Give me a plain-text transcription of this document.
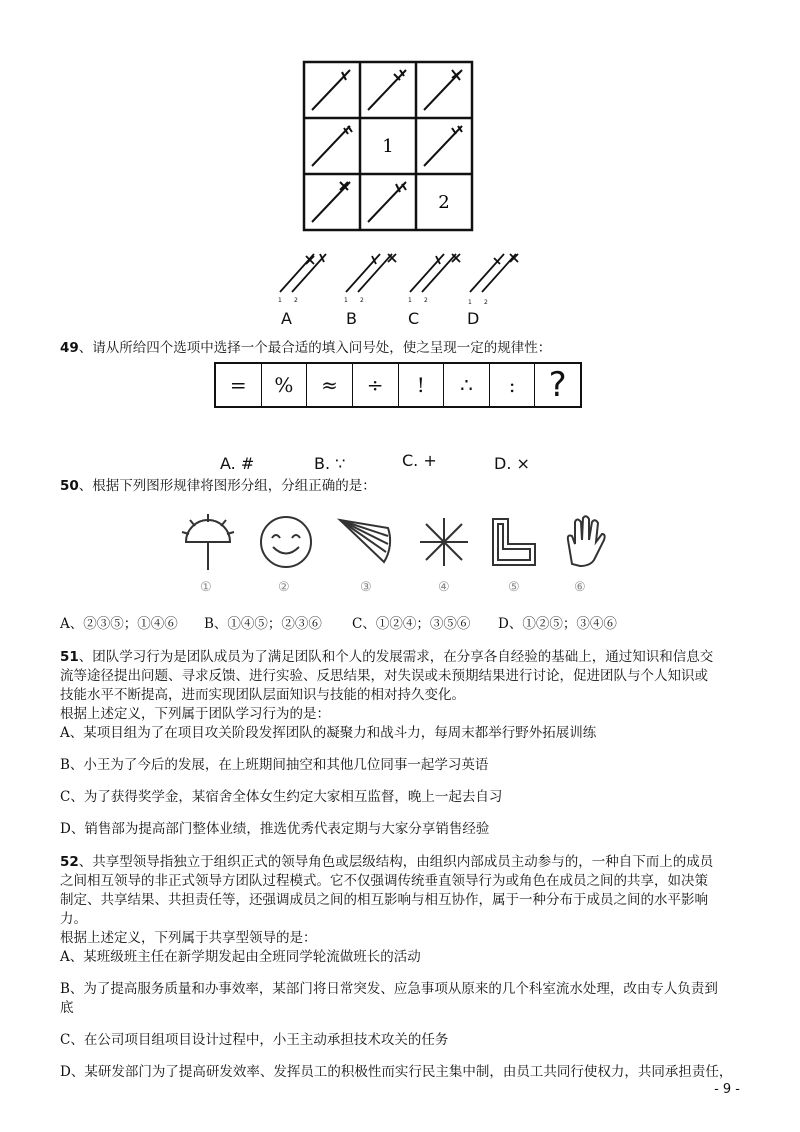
1
2
1 2	1 2	1 2	1 2
A	B	C	D
49、请从所给四个选项中选择一个最合适的填入问号处，使之呈现一定的规律性：
=	%	≈	÷	!	∴	: ?
A. #	B. ∵	C. +	D. ×
50、根据下列图形规律将图形分组，分组正确的是：
①	②	③	④	⑤	⑥
A、②③⑤；①④⑥ B、①④⑤；②③⑥ C、①②④；③⑤⑥ D、①②⑤；③④⑥
51、团队学习行为是团队成员为了满足团队和个人的发展需求，在分享各自经验的基础上，通过知识和信息交
流等途径提出问题、寻求反馈、进行实验、反思结果，对失误或未预期结果进行讨论，促进团队与个人知识或
技能水平不断提高，进而实现团队层面知识与技能的相对持久变化。
根据上述定义，下列属于团队学习行为的是：
A、某项目组为了在项目攻关阶段发挥团队的凝聚力和战斗力，每周末都举行野外拓展训练
B、小王为了今后的发展，在上班期间抽空和其他几位同事一起学习英语
C、为了获得奖学金，某宿舍全体女生约定大家相互监督，晚上一起去自习
D、销售部为提高部门整体业绩，推选优秀代表定期与大家分享销售经验
52、共享型领导指独立于组织正式的领导角色或层级结构，由组织内部成员主动参与的，一种自下而上的成员
之间相互领导的非正式领导方团队过程模式。它不仅强调传统垂直领导行为或角色在成员之间的共享，如决策
制定、共享结果、共担责任等，还强调成员之间的相互影响与相互协作，属于一种分布于成员之间的水平影响
力。
根据上述定义，下列属于共享型领导的是：
A、某班级班主任在新学期发起由全班同学轮流做班长的活动
B、为了提高服务质量和办事效率，某部门将日常突发、应急事项从原来的几个科室流水处理，改由专人负责到
底
C、在公司项目组项目设计过程中，小王主动承担技术攻关的任务
D、某研发部门为了提高研发效率、发挥员工的积极性而实行民主集中制，由员工共同行使权力，共同承担责任，
- 9 -
